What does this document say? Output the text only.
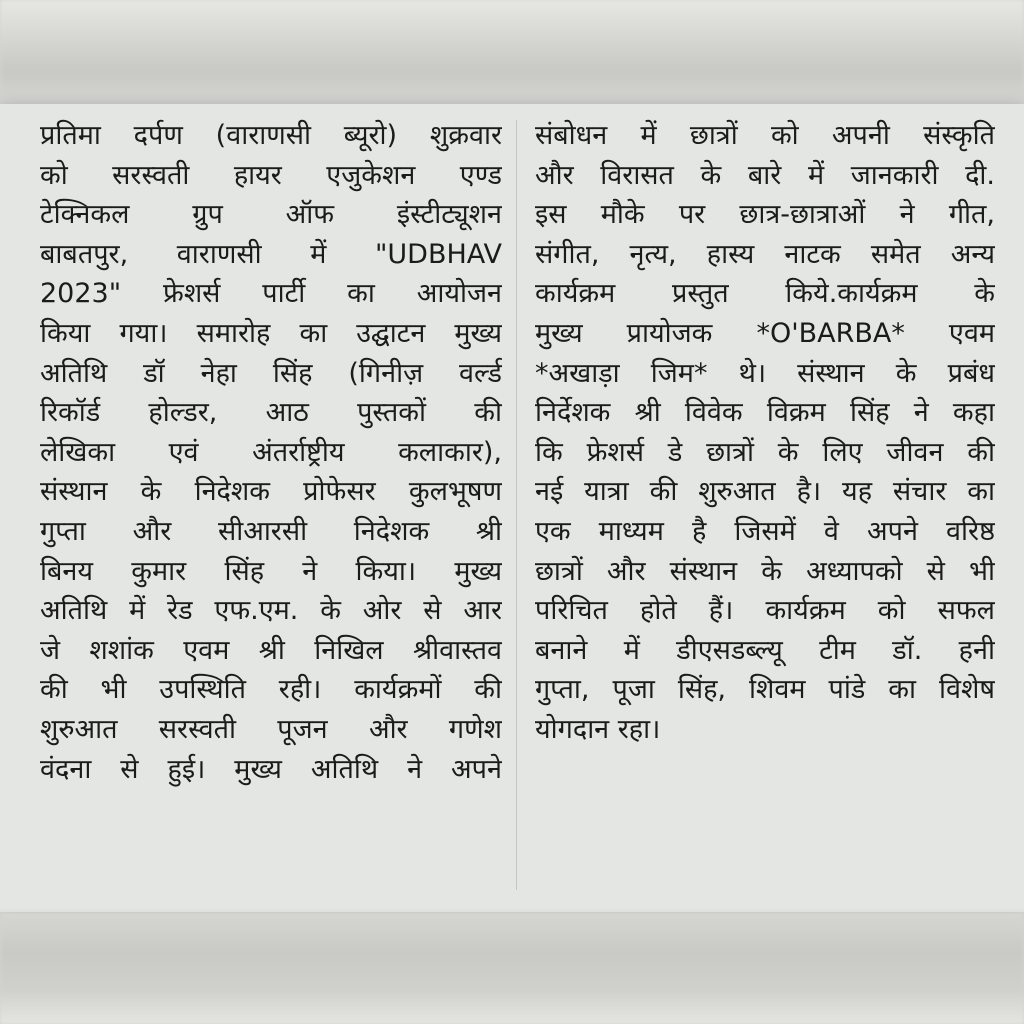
प्रतिमा दर्पण (वाराणसी ब्यूरो) शुक्रवार
को सरस्वती हायर एजुकेशन एण्ड
टेक्निकल ग्रुप ऑफ इंस्टीट्यूशन
बाबतपुर, वाराणसी में "UDBHAV
2023" फ्रेशर्स पार्टी का आयोजन
किया गया। समारोह का उद्घाटन मुख्य
अतिथि डॉ नेहा सिंह (गिनीज़ वर्ल्ड
रिकॉर्ड होल्डर, आठ पुस्तकों की
लेखिका एवं अंतर्राष्ट्रीय कलाकार),
संस्थान के निदेशक प्रोफेसर कुलभूषण
गुप्ता और सीआरसी निदेशक श्री
बिनय कुमार सिंह ने किया। मुख्य
अतिथि में रेड एफ.एम. के ओर से आर
जे शशांक एवम श्री निखिल श्रीवास्तव
की भी उपस्थिति रही। कार्यक्रमों की
शुरुआत सरस्वती पूजन और गणेश
वंदना से हुई। मुख्य अतिथि ने अपने
संबोधन में छात्रों को अपनी संस्कृति
और विरासत के बारे में जानकारी दी.
इस मौके पर छात्र-छात्राओं ने गीत,
संगीत, नृत्य, हास्य नाटक समेत अन्य
कार्यक्रम प्रस्तुत किये.कार्यक्रम के
मुख्य प्रायोजक *O'BARBA* एवम
*अखाड़ा जिम* थे। संस्थान के प्रबंध
निर्देशक श्री विवेक विक्रम सिंह ने कहा
कि फ्रेशर्स डे छात्रों के लिए जीवन की
नई यात्रा की शुरुआत है। यह संचार का
एक माध्यम है जिसमें वे अपने वरिष्ठ
छात्रों और संस्थान के अध्यापको से भी
परिचित होते हैं। कार्यक्रम को सफल
बनाने में डीएसडब्ल्यू टीम डॉ. हनी
गुप्ता, पूजा सिंह, शिवम पांडे का विशेष
योगदान रहा।
